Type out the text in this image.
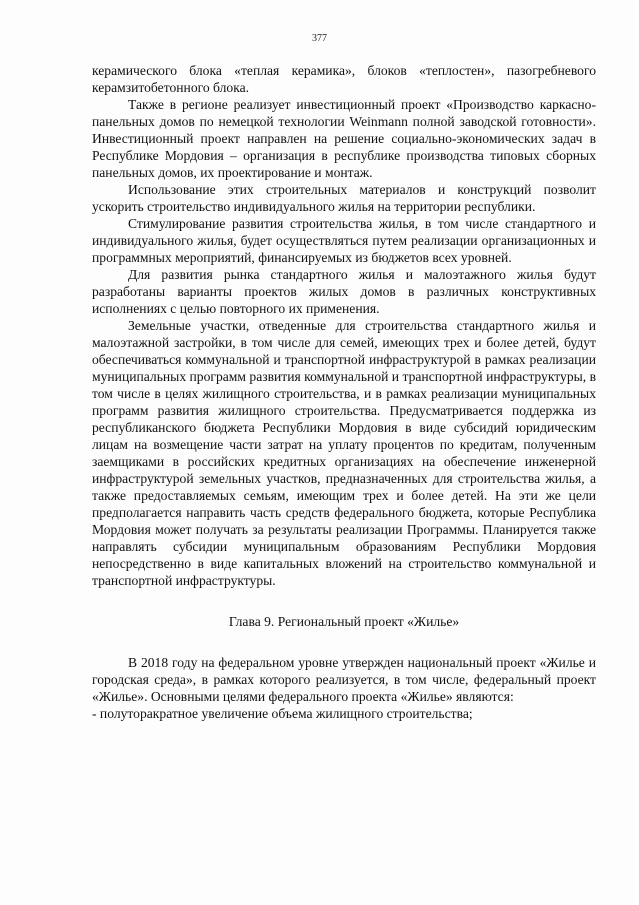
377

керамического блока «теплая керамика», блоков «теплостен», пазогребневого керамзитобетонного блока.

Также в регионе реализует инвестиционный проект «Производство каркасно-панельных домов по немецкой технологии Weinmann полной заводской готовности». Инвестиционный проект направлен на решение социально-экономических задач в Республике Мордовия – организация в республике производства типовых сборных панельных домов, их проектирование и монтаж.

Использование этих строительных материалов и конструкций позволит ускорить строительство индивидуального жилья на территории республики.

Стимулирование развития строительства жилья, в том числе стандартного и индивидуального жилья, будет осуществляться путем реализации организационных и программных мероприятий, финансируемых из бюджетов всех уровней.

Для развития рынка стандартного жилья и малоэтажного жилья будут разработаны варианты проектов жилых домов в различных конструктивных исполнениях с целью повторного их применения.

Земельные участки, отведенные для строительства стандартного жилья и малоэтажной застройки, в том числе для семей, имеющих трех и более детей, будут обеспечиваться коммунальной и транспортной инфраструктурой в рамках реализации муниципальных программ развития коммунальной и транспортной инфраструктуры, в том числе в целях жилищного строительства, и в рамках реализации муниципальных программ развития жилищного строительства. Предусматривается поддержка из республиканского бюджета Республики Мордовия в виде субсидий юридическим лицам на возмещение части затрат на уплату процентов по кредитам, полученным заемщиками в российских кредитных организациях на обеспечение инженерной инфраструктурой земельных участков, предназначенных для строительства жилья, а также предоставляемых семьям, имеющим трех и более детей. На эти же цели предполагается направить часть средств федерального бюджета, которые Республика Мордовия может получать за результаты реализации Программы. Планируется также направлять субсидии муниципальным образованиям Республики Мордовия непосредственно в виде капитальных вложений на строительство коммунальной и транспортной инфраструктуры.

Глава 9. Региональный проект «Жилье»

В 2018 году на федеральном уровне утвержден национальный проект «Жилье и городская среда», в рамках которого реализуется, в том числе, федеральный проект «Жилье». Основными целями федерального проекта «Жилье» являются:

- полуторакратное увеличение объема жилищного строительства;
